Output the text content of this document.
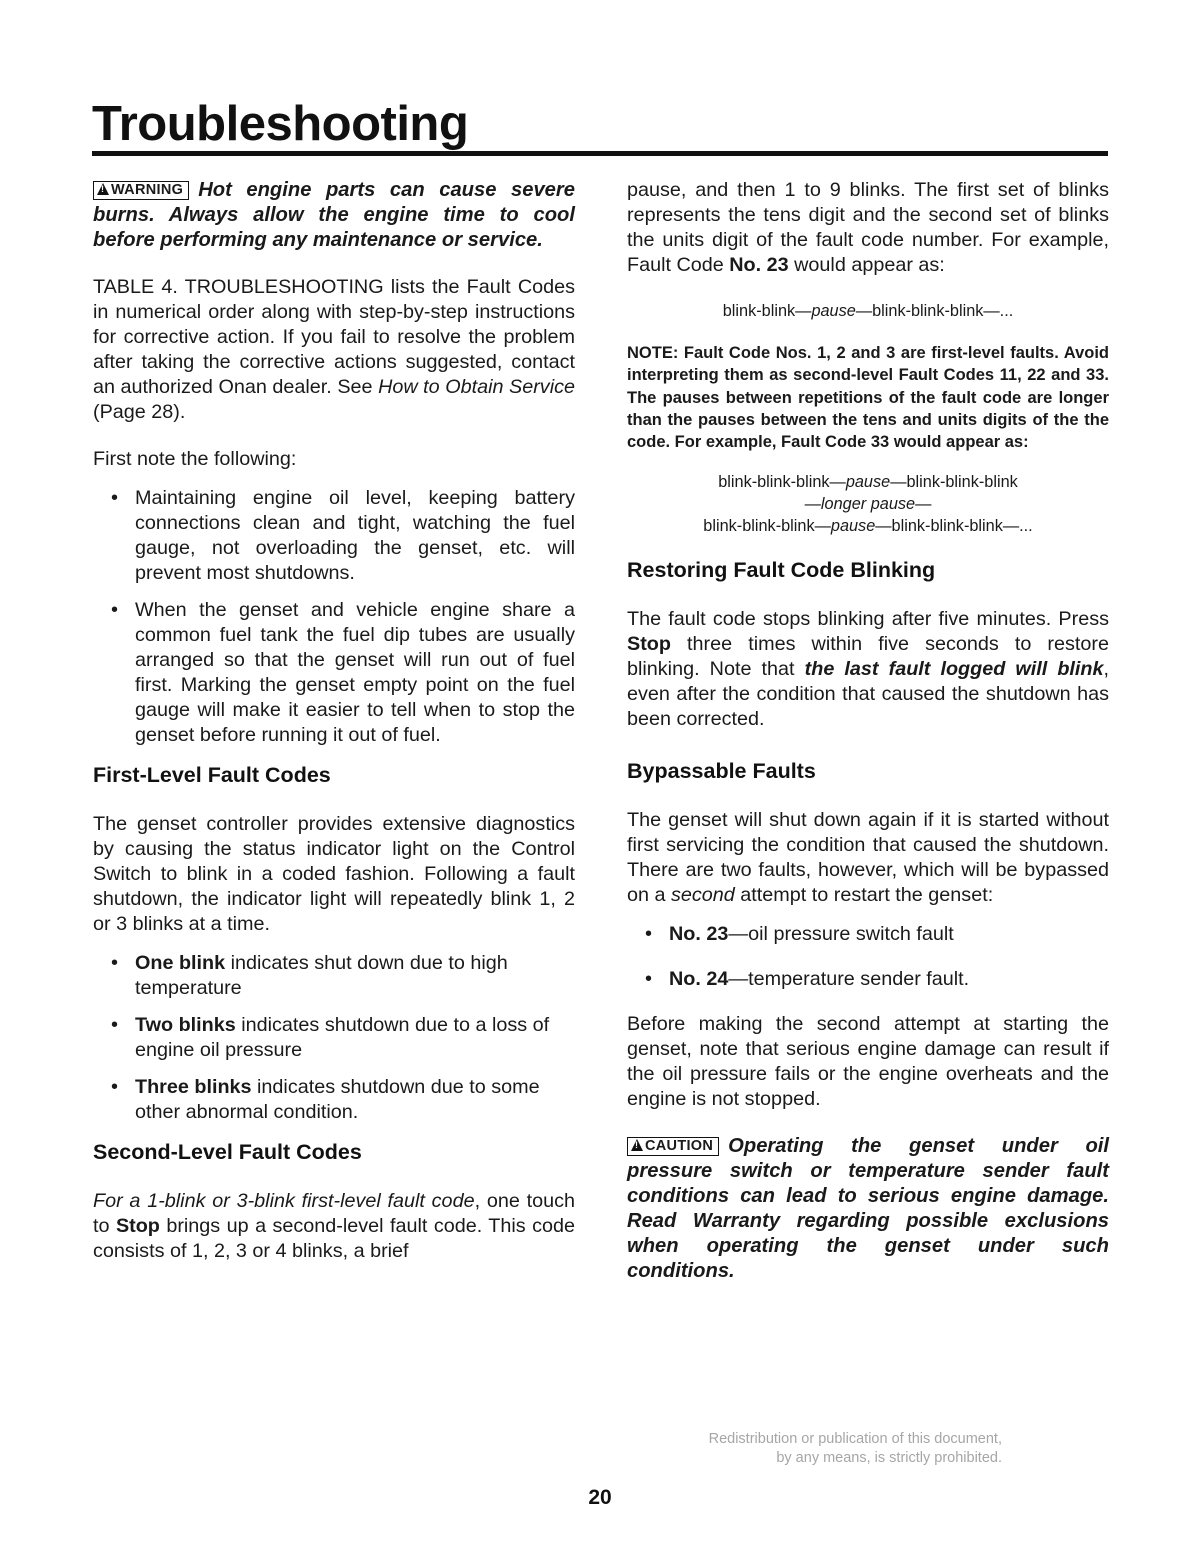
Troubleshooting

!WARNING Hot engine parts can cause severe burns. Always allow the engine time to cool before performing any maintenance or service.

TABLE 4. TROUBLESHOOTING lists the Fault Codes in numerical order along with step-by-step instructions for corrective action. If you fail to resolve the problem after taking the corrective actions suggested, contact an authorized Onan dealer. See How to Obtain Service (Page 28).

First note the following:

• Maintaining engine oil level, keeping battery connections clean and tight, watching the fuel gauge, not overloading the genset, etc. will prevent most shutdowns.
• When the genset and vehicle engine share a common fuel tank the fuel dip tubes are usually arranged so that the genset will run out of fuel first. Marking the genset empty point on the fuel gauge will make it easier to tell when to stop the genset before running it out of fuel.
First-Level Fault Codes

The genset controller provides extensive diagnostics by causing the status indicator light on the Control Switch to blink in a coded fashion. Following a fault shutdown, the indicator light will repeatedly blink 1, 2 or 3 blinks at a time.

• One blink indicates shut down due to high temperature
• Two blinks indicates shutdown due to a loss of engine oil pressure
• Three blinks indicates shutdown due to some other abnormal condition.
Second-Level Fault Codes

For a 1-blink or 3-blink first-level fault code, one touch to Stop brings up a second-level fault code. This code consists of 1, 2, 3 or 4 blinks, a brief

pause, and then 1 to 9 blinks. The first set of blinks represents the tens digit and the second set of blinks the units digit of the fault code number. For example, Fault Code No. 23 would appear as:

blink-blink—pause—blink-blink-blink—...

NOTE: Fault Code Nos. 1, 2 and 3 are first-level faults. Avoid interpreting them as second-level Fault Codes 11, 22 and 33. The pauses between repetitions of the fault code are longer than the pauses between the tens and units digits of the the code. For example, Fault Code 33 would appear as:

blink-blink-blink—pause—blink-blink-blink
—longer pause—
blink-blink-blink—pause—blink-blink-blink—...

Restoring Fault Code Blinking

The fault code stops blinking after five minutes. Press Stop three times within five seconds to restore blinking. Note that the last fault logged will blink, even after the condition that caused the shutdown has been corrected.

Bypassable Faults

The genset will shut down again if it is started without first servicing the condition that caused the shutdown. There are two faults, however, which will be bypassed on a second attempt to restart the genset:

• No. 23—oil pressure switch fault
• No. 24—temperature sender fault.

Before making the second attempt at starting the genset, note that serious engine damage can result if the oil pressure fails or the engine overheats and the engine is not stopped.

!CAUTION Operating the genset under oil pressure switch or temperature sender fault conditions can lead to serious engine damage. Read Warranty regarding possible exclusions when operating the genset under such conditions.

Redistribution or publication of this document,
by any means, is strictly prohibited.
20
